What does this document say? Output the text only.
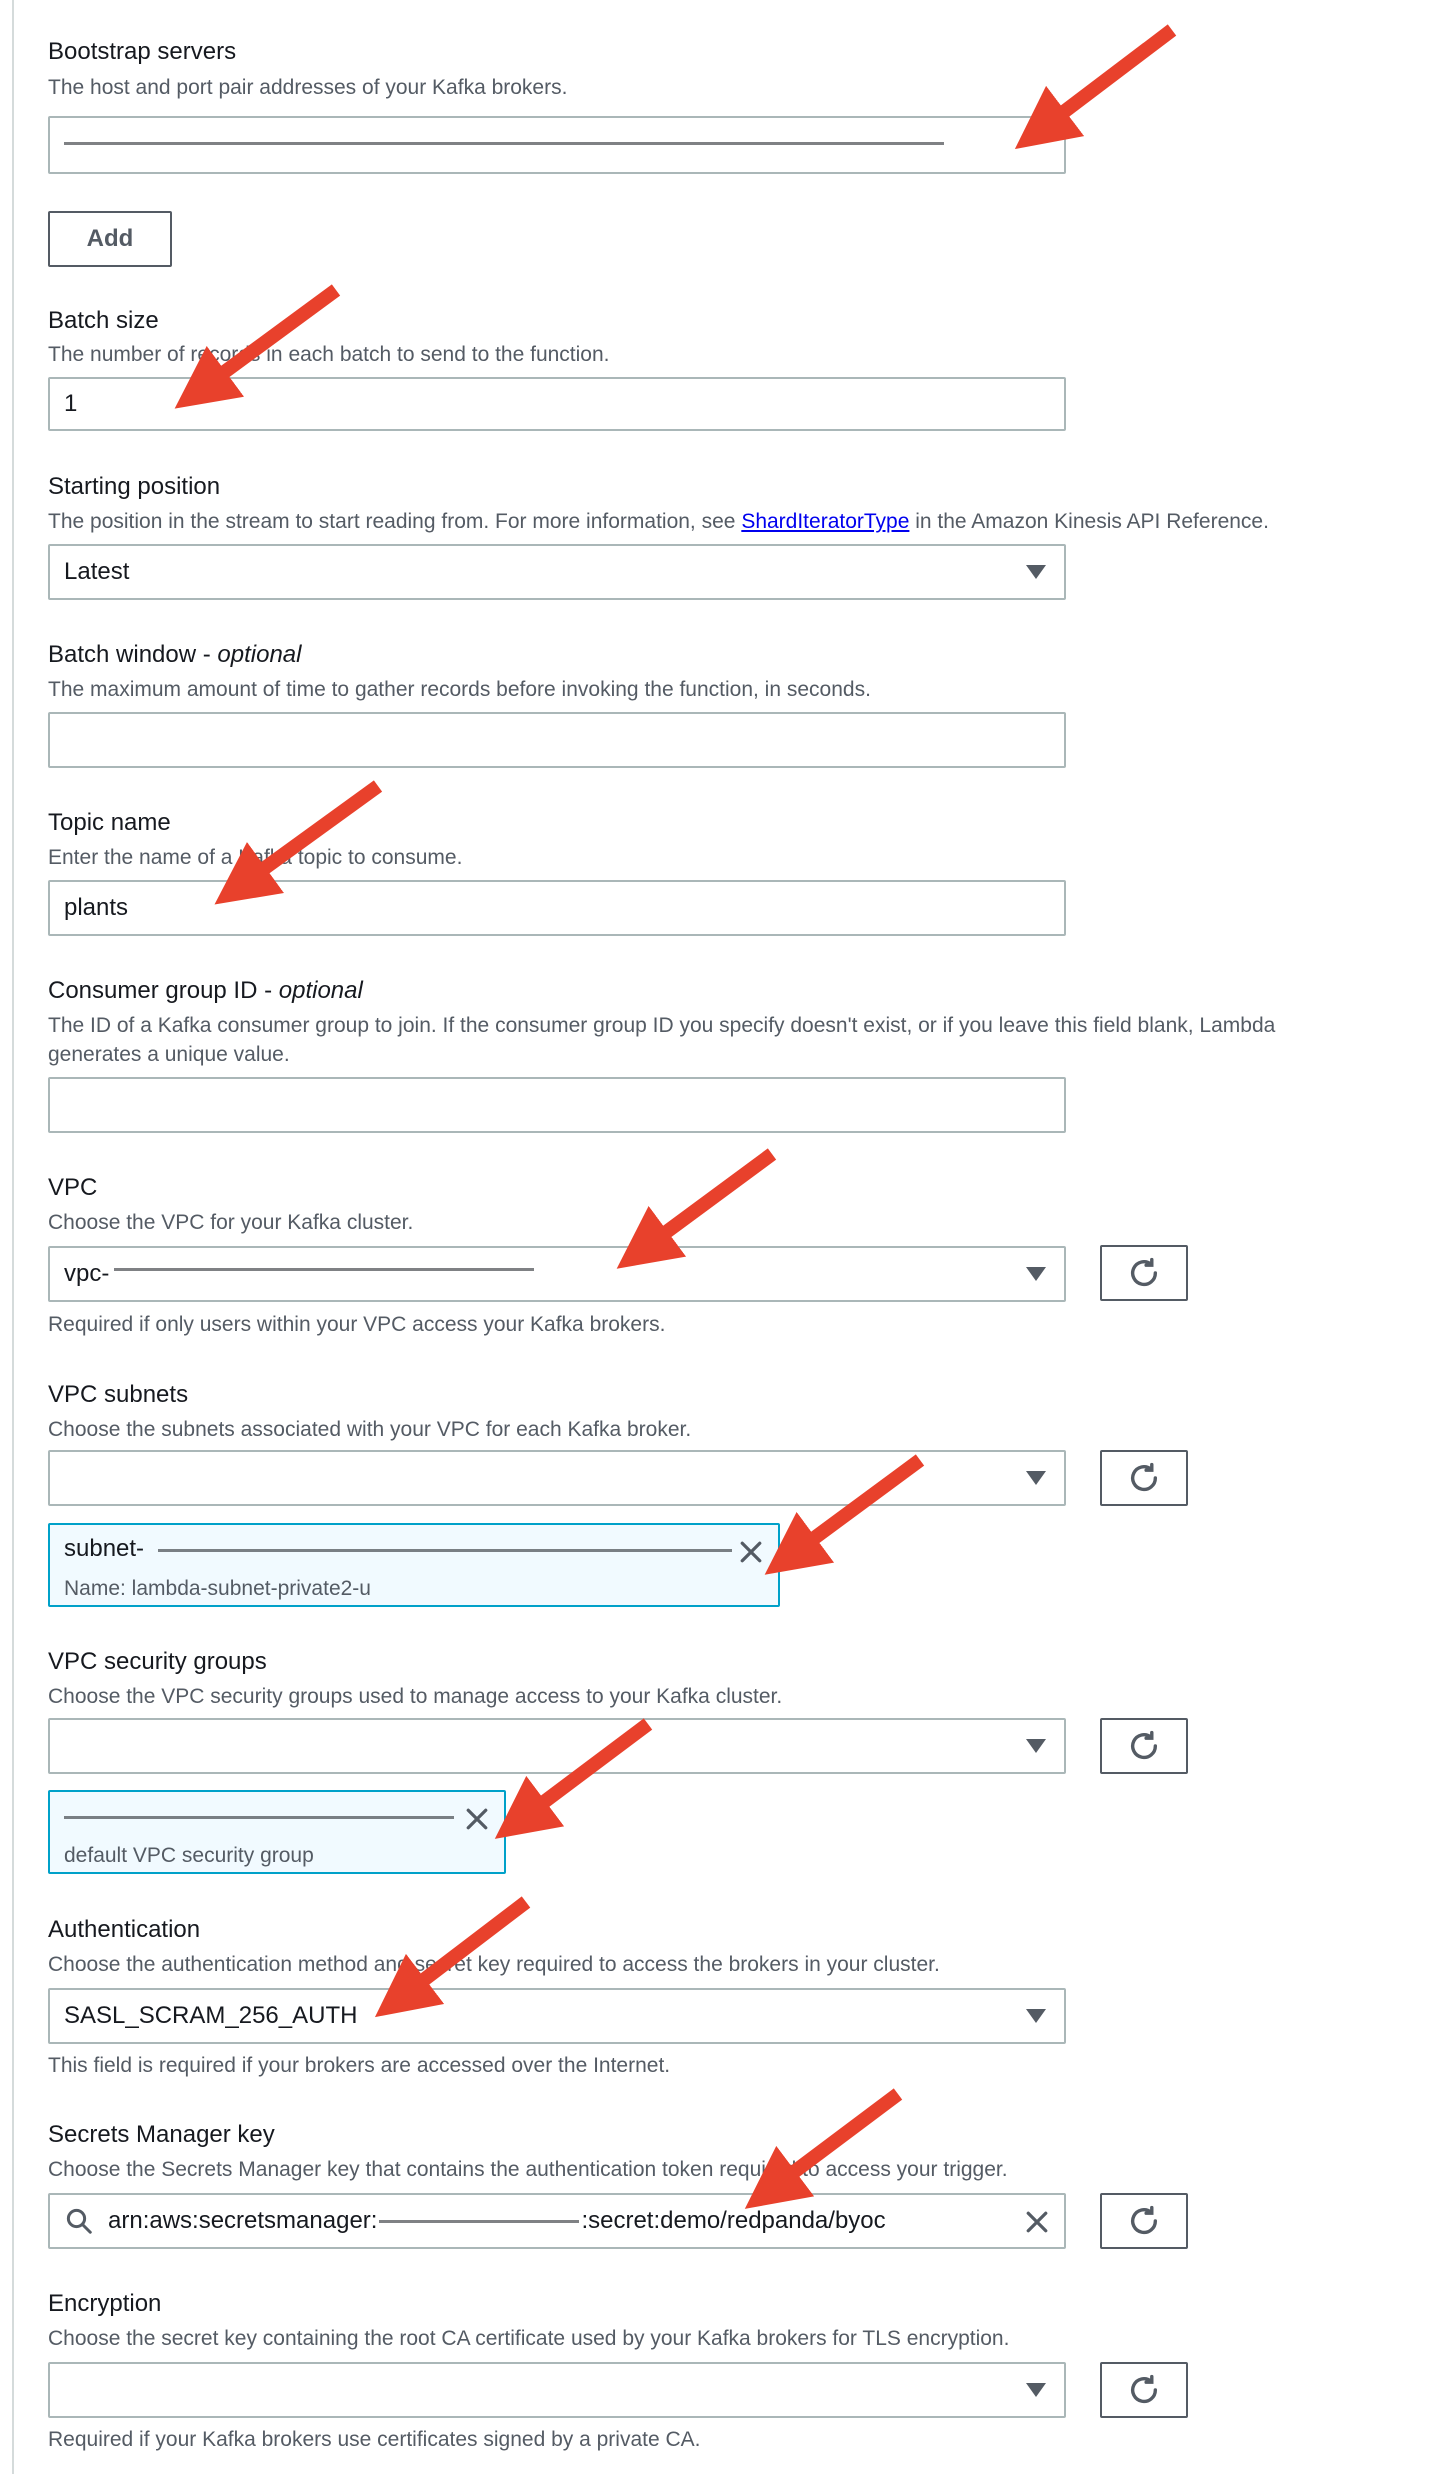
Bootstrap servers
The host and port pair addresses of your Kafka brokers.
Add
Batch size
The number of records in each batch to send to the function.
1
Starting position
The position in the stream to start reading from. For more information, see ShardIteratorType in the Amazon Kinesis API Reference.
Latest
Batch window - optional
The maximum amount of time to gather records before invoking the function, in seconds.
Topic name
Enter the name of a Kafka topic to consume.
plants
Consumer group ID - optional
The ID of a Kafka consumer group to join. If the consumer group ID you specify doesn't exist, or if you leave this field blank, Lambda
generates a unique value.
VPC
Choose the VPC for your Kafka cluster.
vpc-
Required if only users within your VPC access your Kafka brokers.
VPC subnets
Choose the subnets associated with your VPC for each Kafka broker.
subnet-
Name: lambda-subnet-private2-u
VPC security groups
Choose the VPC security groups used to manage access to your Kafka cluster.
default VPC security group
Authentication
Choose the authentication method and secret key required to access the brokers in your cluster.
SASL_SCRAM_256_AUTH
This field is required if your brokers are accessed over the Internet.
Secrets Manager key
Choose the Secrets Manager key that contains the authentication token required to access your trigger.
arn:aws:secretsmanager:	:secret:demo/redpanda/byoc
Encryption
Choose the secret key containing the root CA certificate used by your Kafka brokers for TLS encryption.
Required if your Kafka brokers use certificates signed by a private CA.
